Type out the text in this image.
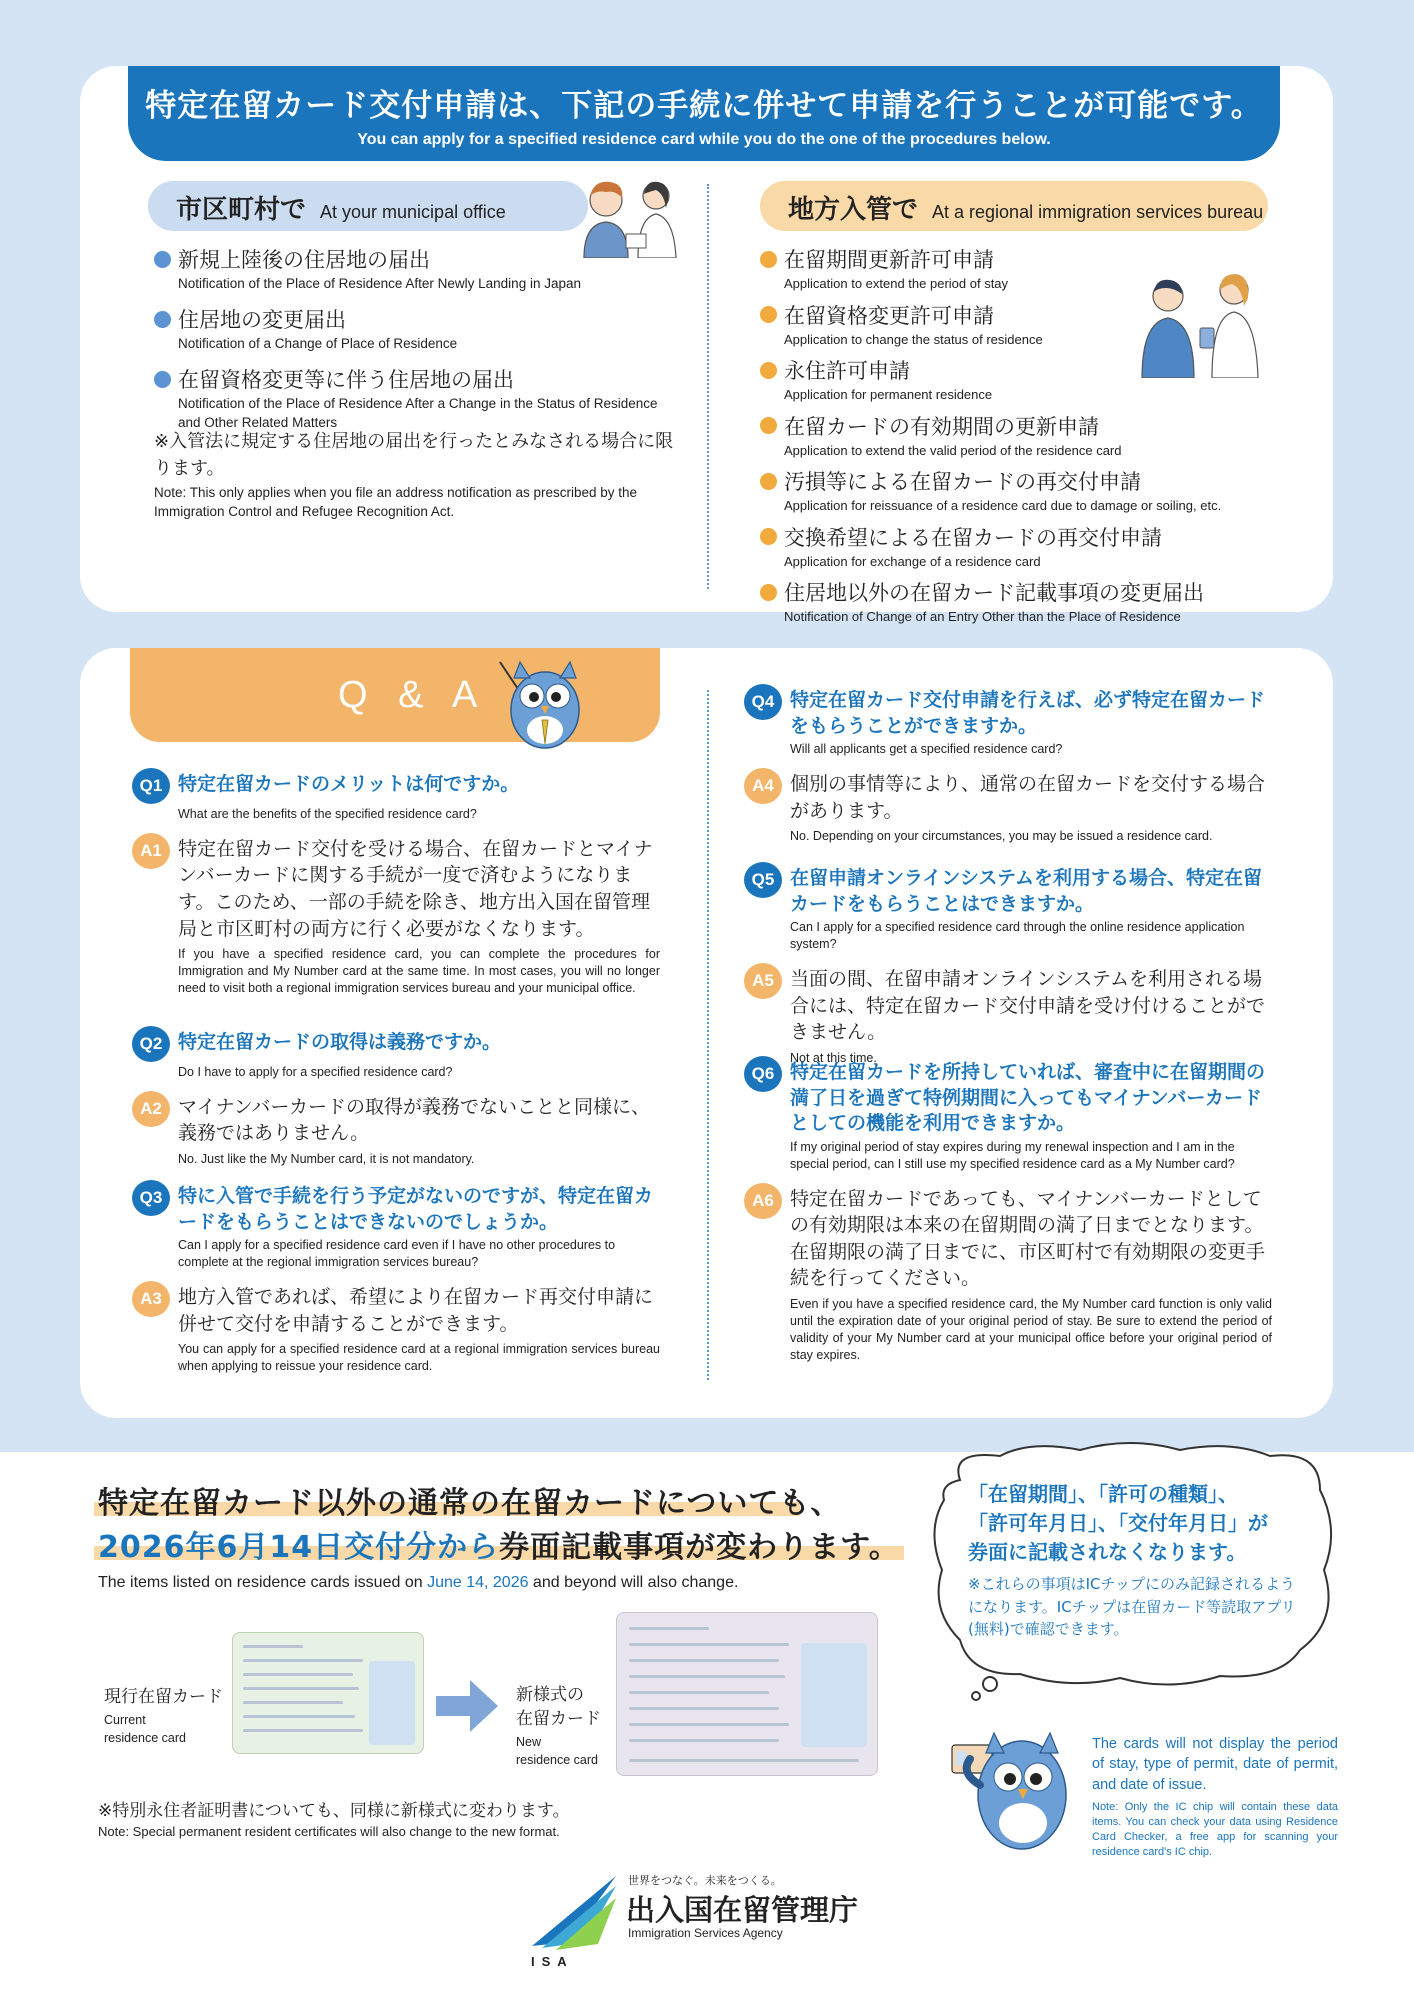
特定在留カード交付申請は、下記の手続に併せて申請を行うことが可能です。
You can apply for a specified residence card while you do the one of the procedures below.
市区町村で At your municipal office
新規上陸後の住居地の届出
Notification of the Place of Residence After Newly Landing in Japan
住居地の変更届出
Notification of a Change of Place of Residence
在留資格変更等に伴う住居地の届出
Notification of the Place of Residence After a Change in the Status of Residence and Other Related Matters
※入管法に規定する住居地の届出を行ったとみなされる場合に限ります。
Note: This only applies when you file an address notification as prescribed by the Immigration Control and Refugee Recognition Act.
地方入管で At a regional immigration services bureau
在留期間更新許可申請
Application to extend the period of stay
在留資格変更許可申請
Application to change the status of residence
永住許可申請
Application for permanent residence
在留カードの有効期間の更新申請
Application to extend the valid period of the residence card
汚損等による在留カードの再交付申請
Application for reissuance of a residence card due to damage or soiling, etc.
交換希望による在留カードの再交付申請
Application for exchange of a residence card
住居地以外の在留カード記載事項の変更届出
Notification of Change of an Entry Other than the Place of Residence
Q & A
Q1 特定在留カードのメリットは何ですか。
What are the benefits of the specified residence card?
A1 特定在留カード交付を受ける場合、在留カードとマイナンバーカードに関する手続が一度で済むようになります。このため、一部の手続を除き、地方出入国在留管理局と市区町村の両方に行く必要がなくなります。
If you have a specified residence card, you can complete the procedures for Immigration and My Number card at the same time. In most cases, you will no longer need to visit both a regional immigration services bureau and your municipal office.
Q2 特定在留カードの取得は義務ですか。
Do I have to apply for a specified residence card?
A2 マイナンバーカードの取得が義務でないことと同様に、義務ではありません。
No. Just like the My Number card, it is not mandatory.
Q3 特に入管で手続を行う予定がないのですが、特定在留カードをもらうことはできないのでしょうか。
Can I apply for a specified residence card even if I have no other procedures to complete at the regional immigration services bureau?
A3 地方入管であれば、希望により在留カード再交付申請に併せて交付を申請することができます。
You can apply for a specified residence card at a regional immigration services bureau when applying to reissue your residence card.
Q4 特定在留カード交付申請を行えば、必ず特定在留カードをもらうことができますか。
Will all applicants get a specified residence card?
A4 個別の事情等により、通常の在留カードを交付する場合があります。
No. Depending on your circumstances, you may be issued a residence card.
Q5 在留申請オンラインシステムを利用する場合、特定在留カードをもらうことはできますか。
Can I apply for a specified residence card through the online residence application system?
A5 当面の間、在留申請オンラインシステムを利用される場合には、特定在留カード交付申請を受け付けることができません。
Not at this time.
Q6 特定在留カードを所持していれば、審査中に在留期間の満了日を過ぎて特例期間に入ってもマイナンバーカードとしての機能を利用できますか。
If my original period of stay expires during my renewal inspection and I am in the special period, can I still use my specified residence card as a My Number card?
A6 特定在留カードであっても、マイナンバーカードとしての有効期限は本来の在留期間の満了日までとなります。在留期限の満了日までに、市区町村で有効期限の変更手続を行ってください。
Even if you have a specified residence card, the My Number card function is only valid until the expiration date of your original period of stay. Be sure to extend the period of validity of your My Number card at your municipal office before your original period of stay expires.
特定在留カード以外の通常の在留カードについても、
2026年6月14日交付分から券面記載事項が変わります。
The items listed on residence cards issued on June 14, 2026 and beyond will also change.
現行在留カード
Current
residence card
新様式の
在留カード
New
residence card
※特別永住者証明書についても、同様に新様式に変わります。
Note: Special permanent resident certificates will also change to the new format.
「在留期間」、「許可の種類」、
「許可年月日」、「交付年月日」が
券面に記載されなくなります。
※これらの事項はICチップにのみ記録されるようになります。ICチップは在留カード等読取アプリ(無料)で確認できます。
The cards will not display the period of stay, type of permit, date of permit, and date of issue.
Note: Only the IC chip will contain these data items. You can check your data using Residence Card Checker, a free app for scanning your residence card's IC chip.
世界をつなぐ。未来をつくる。
出入国在留管理庁
Immigration Services Agency
ISA
